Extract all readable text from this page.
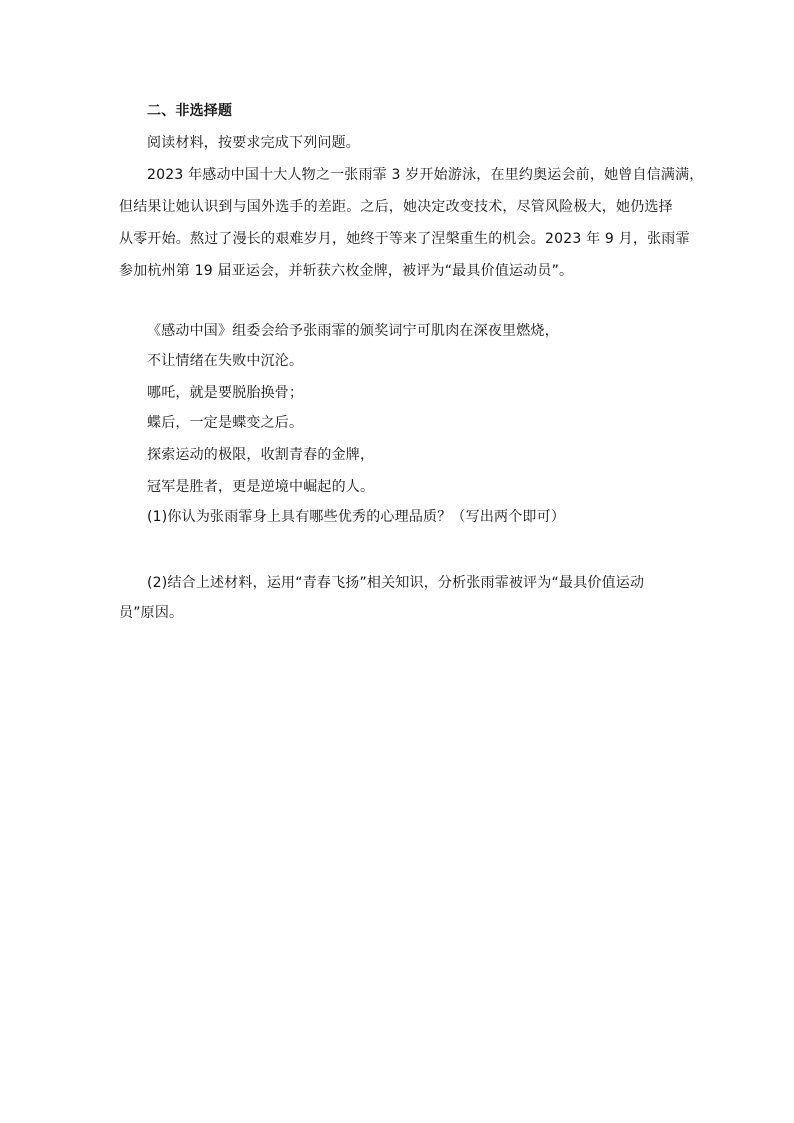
二、非选择题
阅读材料，按要求完成下列问题。
2023 年感动中国十大人物之一张雨霏 3 岁开始游泳，在里约奥运会前，她曾自信满满，
但结果让她认识到与国外选手的差距。之后，她决定改变技术，尽管风险极大，她仍选择
从零开始。熬过了漫长的艰难岁月，她终于等来了涅槃重生的机会。2023 年 9 月，张雨霏
参加杭州第 19 届亚运会，并斩获六枚金牌，被评为“最具价值运动员”。
《感动中国》组委会给予张雨霏的颁奖词宁可肌肉在深夜里燃烧，
不让情绪在失败中沉沦。
哪吒，就是要脱胎换骨；
蝶后，一定是蝶变之后。
探索运动的极限，收割青春的金牌，
冠军是胜者，更是逆境中崛起的人。
(1)你认为张雨霏身上具有哪些优秀的心理品质？（写出两个即可）
(2)结合上述材料，运用“青春飞扬”相关知识，分析张雨霏被评为“最具价值运动
员”原因。
